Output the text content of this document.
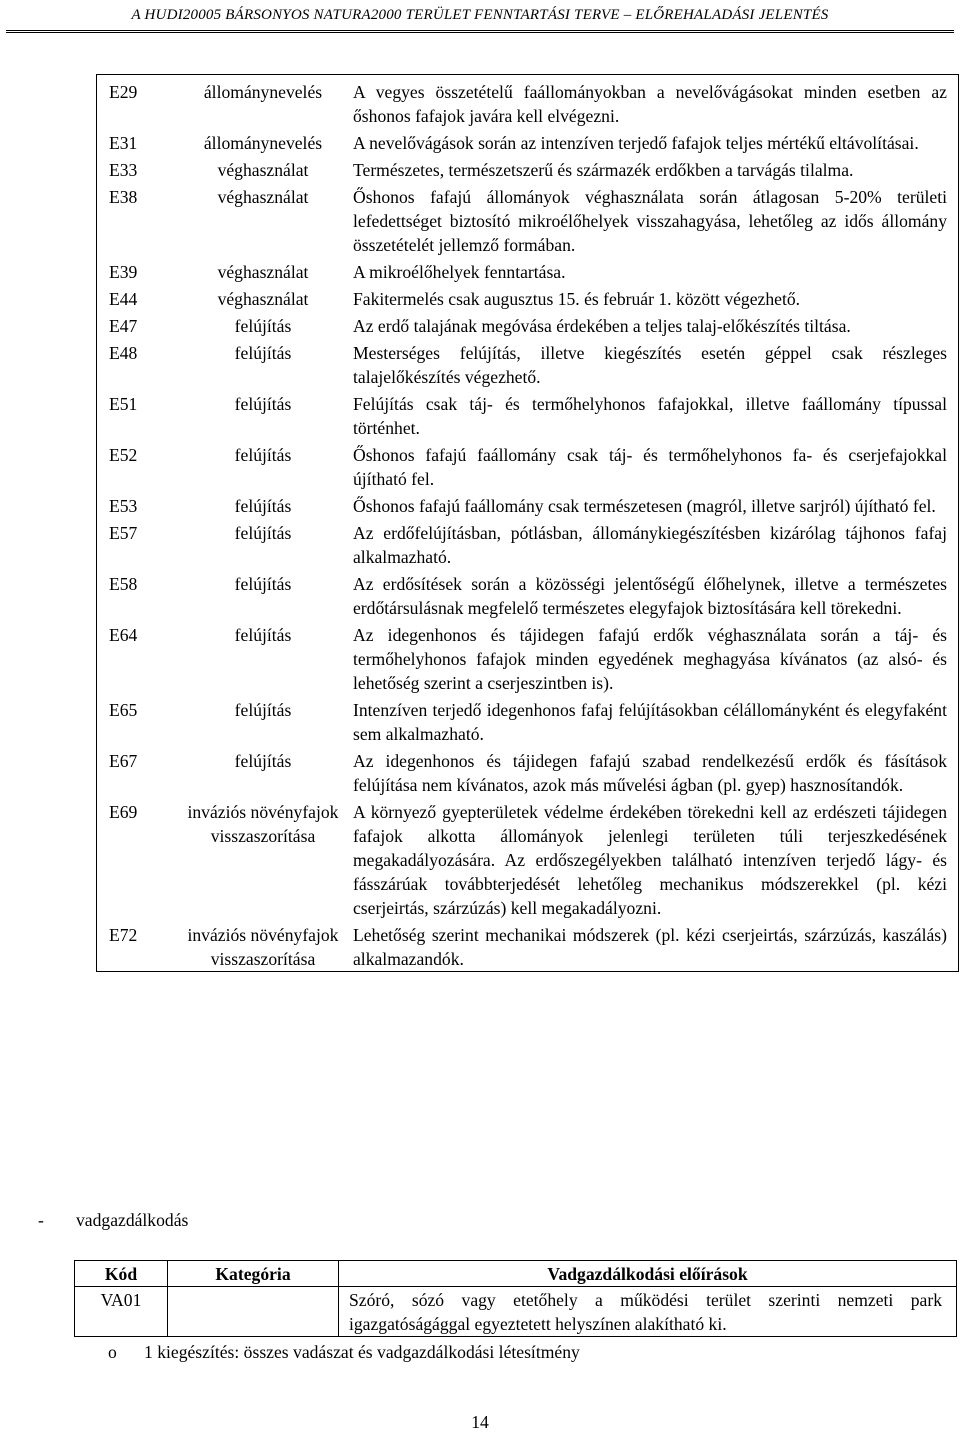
A HUDI20005 BÁRSONYOS NATURA2000 TERÜLET FENNTARTÁSI TERVE – ELŐREHALADÁSI JELENTÉS
E29	állománynevelés	A vegyes összetételű faállományokban a nevelővágásokat minden esetben az őshonos fafajok javára kell elvégezni.
E31	állománynevelés	A nevelővágások során az intenzíven terjedő fafajok teljes mértékű eltávolításai.
E33	véghasználat	Természetes, természetszerű és származék erdőkben a tarvágás tilalma.
E38	véghasználat	Őshonos fafajú állományok véghasználata során átlagosan 5-20% területi lefedettséget biztosító mikroélőhelyek visszahagyása, lehetőleg az idős állomány összetételét jellemző formában.
E39	véghasználat	A mikroélőhelyek fenntartása.
E44	véghasználat	Fakitermelés csak augusztus 15. és február 1. között végezhető.
E47	felújítás	Az erdő talajának megóvása érdekében a teljes talaj-előkészítés tiltása.
E48	felújítás	Mesterséges felújítás, illetve kiegészítés esetén géppel csak részleges talajelőkészítés végezhető.
E51	felújítás	Felújítás csak táj- és termőhelyhonos fafajokkal, illetve faállomány típussal történhet.
E52	felújítás	Őshonos fafajú faállomány csak táj- és termőhelyhonos fa- és cserjefajokkal újítható fel.
E53	felújítás	Őshonos fafajú faállomány csak természetesen (magról, illetve sarjról) újítható fel.
E57	felújítás	Az erdőfelújításban, pótlásban, állománykiegészítésben kizárólag tájhonos fafaj alkalmazható.
E58	felújítás	Az erdősítések során a közösségi jelentőségű élőhelynek, illetve a természetes erdőtársulásnak megfelelő természetes elegyfajok biztosítására kell törekedni.
E64	felújítás	Az idegenhonos és tájidegen fafajú erdők véghasználata során a táj- és termőhelyhonos fafajok minden egyedének meghagyása kívánatos (az alsó- és lehetőség szerint a cserjeszintben is).
E65	felújítás	Intenzíven terjedő idegenhonos fafaj felújításokban célállományként és elegyfaként sem alkalmazható.
E67	felújítás	Az idegenhonos és tájidegen fafajú szabad rendelkezésű erdők és fásítások felújítása nem kívánatos, azok más művelési ágban (pl. gyep) hasznosítandók.
E69	inváziós növényfajok visszaszorítása	A környező gyepterületek védelme érdekében törekedni kell az erdészeti tájidegen fafajok alkotta állományok jelenlegi területen túli terjeszkedésének megakadályozására. Az erdőszegélyekben található intenzíven terjedő lágy- és fásszárúak továbbterjedését lehetőleg mechanikus módszerekkel (pl. kézi cserjeirtás, szárzúzás) kell megakadályozni.
E72	inváziós növényfajok visszaszorítása	Lehetőség szerint mechanikai módszerek (pl. kézi cserjeirtás, szárzúzás, kaszálás) alkalmazandók.
- vadgazdálkodás
Kód	Kategória	Vadgazdálkodási előírások
VA01		Szóró, sózó vagy etetőhely a működési terület szerinti nemzeti park igazgatóságággal egyeztetett helyszínen alakítható ki.
o 1 kiegészítés: összes vadászat és vadgazdálkodási létesítmény
14
